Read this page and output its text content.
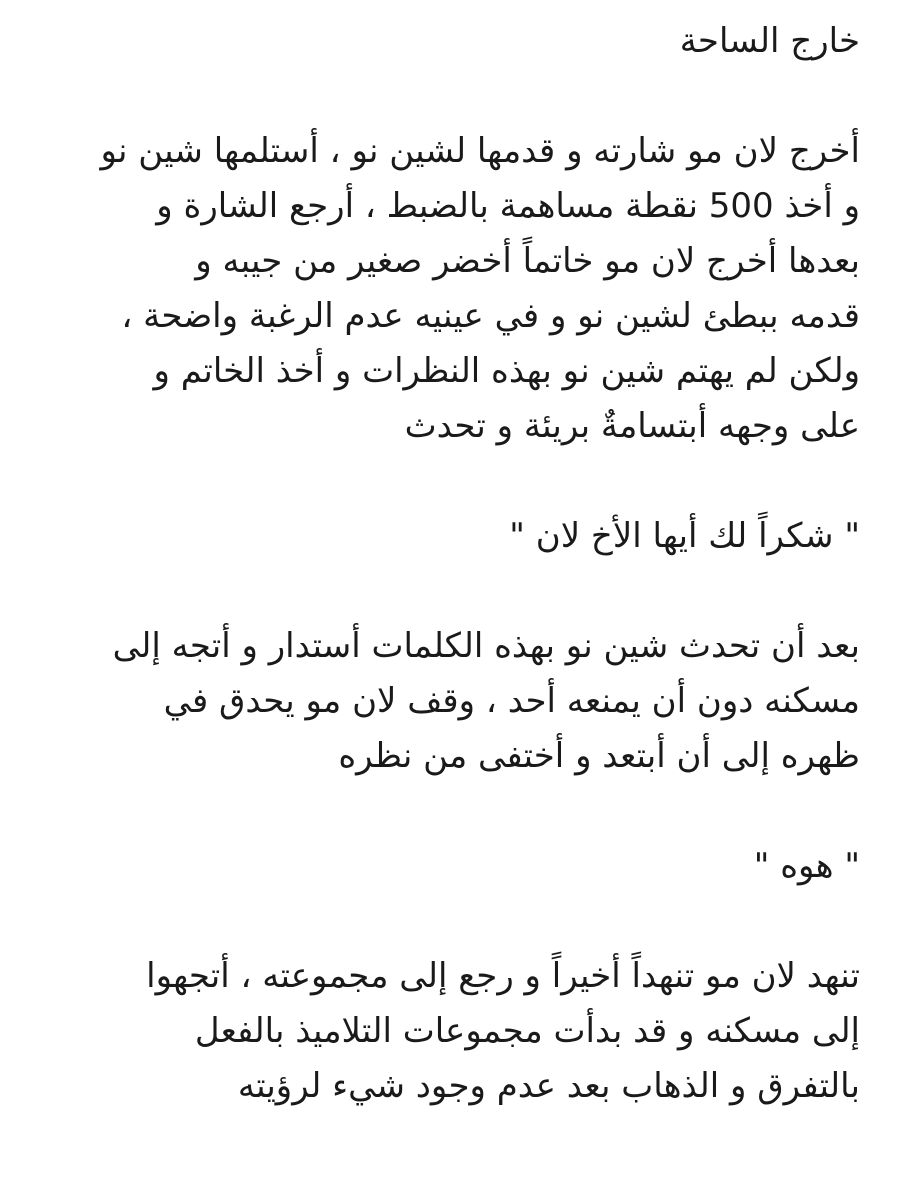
خارج الساحة
أخرج لان مو شارته و قدمها لشين نو ، أستلمها شين نو
و أخذ 500 نقطة مساهمة بالضبط ، أرجع الشارة و
بعدها أخرج لان مو خاتماً أخضر صغير من جيبه و
قدمه ببطئ لشين نو و في عينيه عدم الرغبة واضحة ،
ولكن لم يهتم شين نو بهذه النظرات و أخذ الخاتم و
على وجهه أبتسامةٌ بريئة و تحدث
" شكراً لك أيها الأخ لان "
بعد أن تحدث شين نو بهذه الكلمات أستدار و أتجه إلى
مسكنه دون أن يمنعه أحد ، وقف لان مو يحدق في
ظهره إلى أن أبتعد و أختفى من نظره
" هوه "
تنهد لان مو تنهداً أخيراً و رجع إلى مجموعته ، أتجهوا
إلى مسكنه و قد بدأت مجموعات التلاميذ بالفعل
بالتفرق و الذهاب بعد عدم وجود شيء لرؤيته
